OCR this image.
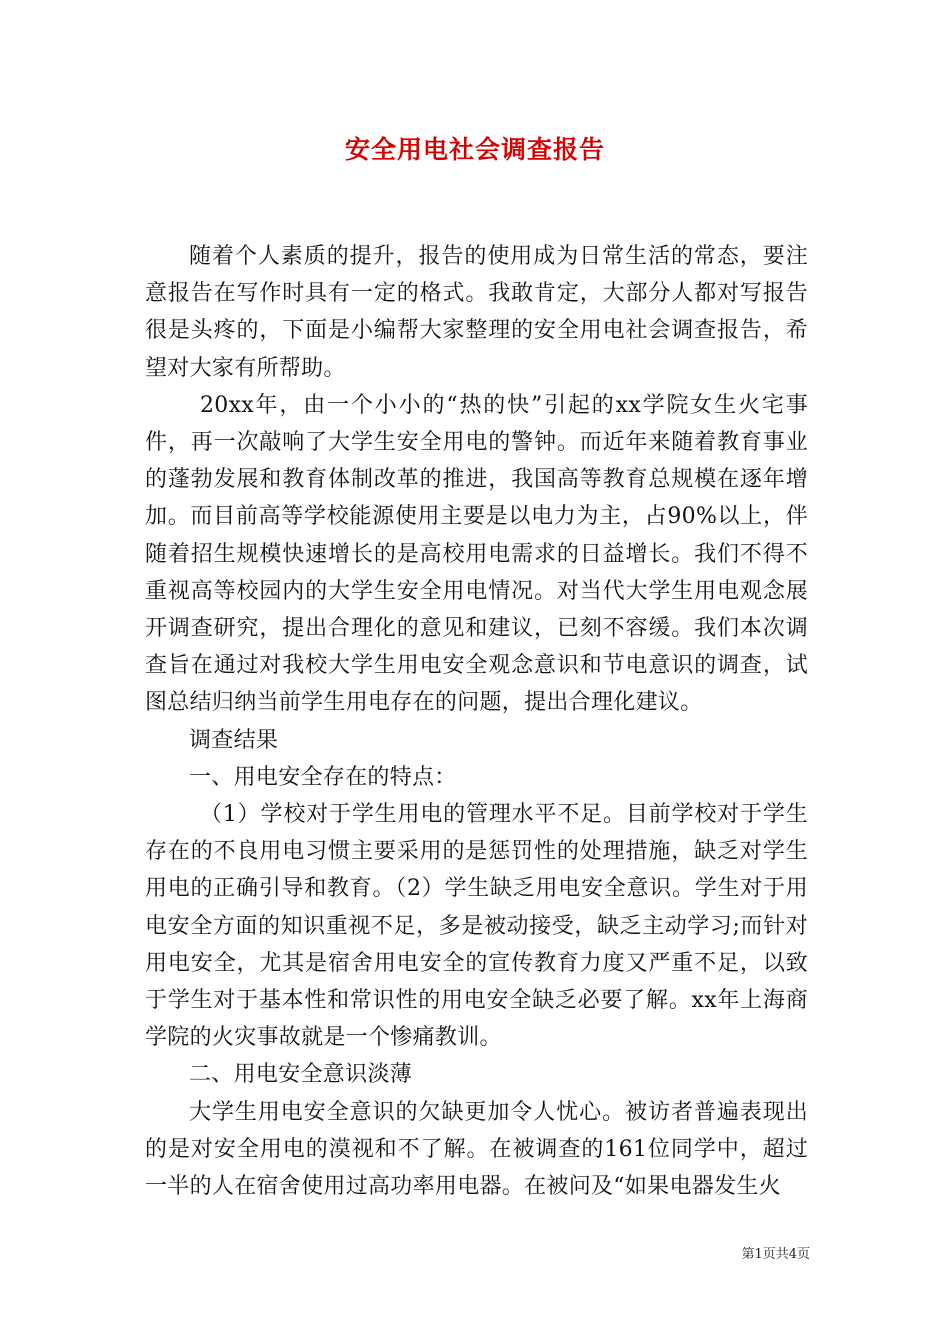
安全用电社会调查报告

随着个人素质的提升，报告的使用成为日常生活的常态，要注意报告在写作时具有一定的格式。我敢肯定，大部分人都对写报告很是头疼的，下面是小编帮大家整理的安全用电社会调查报告，希望对大家有所帮助。

20xx年，由一个小小的“热的快”引起的xx学院女生火宅事件，再一次敲响了大学生安全用电的警钟。而近年来随着教育事业的蓬勃发展和教育体制改革的推进，我国高等教育总规模在逐年增加。而目前高等学校能源使用主要是以电力为主，占90%以上，伴随着招生规模快速增长的是高校用电需求的日益增长。我们不得不重视高等校园内的大学生安全用电情况。对当代大学生用电观念展开调查研究，提出合理化的意见和建议，已刻不容缓。我们本次调查旨在通过对我校大学生用电安全观念意识和节电意识的调查，试图总结归纳当前学生用电存在的问题，提出合理化建议。

调查结果

一、用电安全存在的特点：

（1）学校对于学生用电的管理水平不足。目前学校对于学生存在的不良用电习惯主要采用的是惩罚性的处理措施，缺乏对学生用电的正确引导和教育。（2）学生缺乏用电安全意识。学生对于用电安全方面的知识重视不足，多是被动接受，缺乏主动学习;而针对用电安全，尤其是宿舍用电安全的宣传教育力度又严重不足，以致于学生对于基本性和常识性的用电安全缺乏必要了解。xx年上海商学院的火灾事故就是一个惨痛教训。

二、用电安全意识淡薄

大学生用电安全意识的欠缺更加令人忧心。被访者普遍表现出的是对安全用电的漠视和不了解。在被调查的161位同学中，超过一半的人在宿舍使用过高功率用电器。在被问及“如果电器发生火

第1页共4页
